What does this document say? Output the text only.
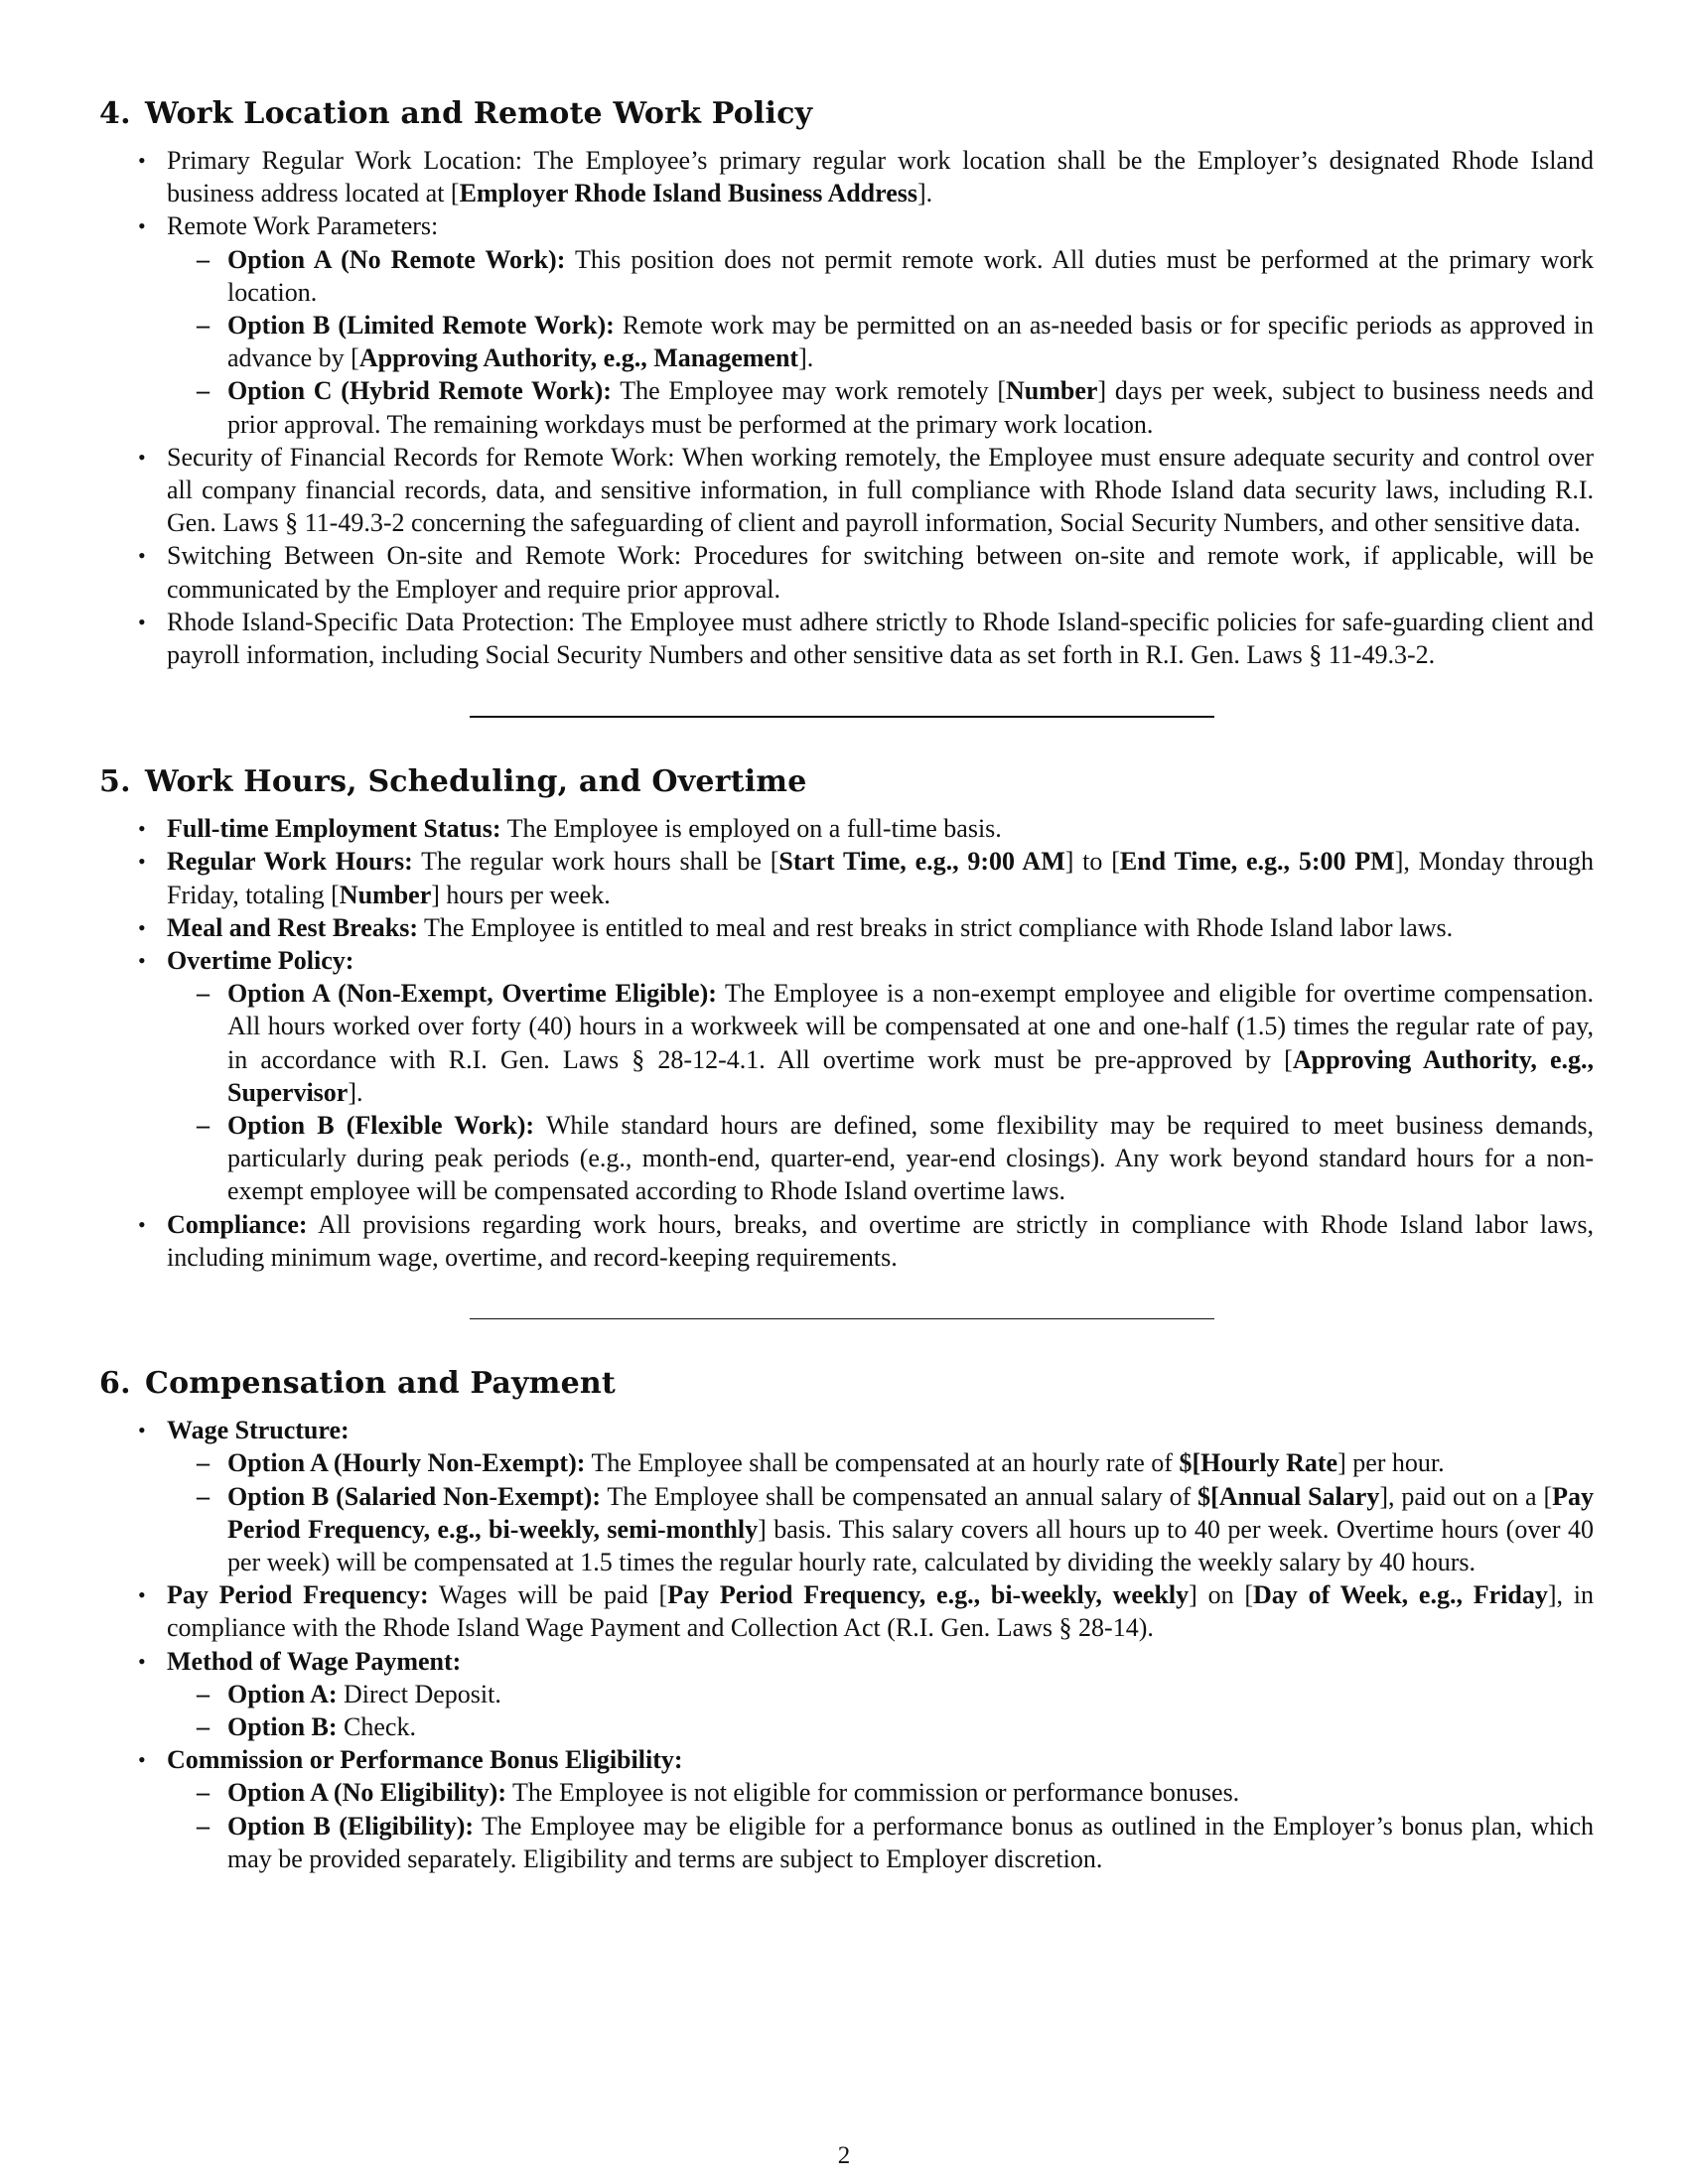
4. Work Location and Remote Work Policy
• Primary Regular Work Location: The Employee’s primary regular work location shall be the Employer’s designated Rhode Island business address located at [Employer Rhode Island Business Address].
• Remote Work Parameters:
– Option A (No Remote Work): This position does not permit remote work. All duties must be performed at the primary work location.
– Option B (Limited Remote Work): Remote work may be permitted on an as-needed basis or for specific periods as approved in advance by [Approving Authority, e.g., Management].
– Option C (Hybrid Remote Work): The Employee may work remotely [Number] days per week, subject to business needs and prior approval. The remaining workdays must be performed at the primary work location.
• Security of Financial Records for Remote Work: When working remotely, the Employee must ensure adequate security and control over all company financial records, data, and sensitive information, in full compliance with Rhode Island data security laws, including R.I. Gen. Laws § 11-49.3-2 concerning the safeguarding of client and payroll information, Social Security Numbers, and other sensitive data.
• Switching Between On-site and Remote Work: Procedures for switching between on-site and remote work, if applicable, will be communicated by the Employer and require prior approval.
• Rhode Island-Specific Data Protection: The Employee must adhere strictly to Rhode Island-specific policies for safe-guarding client and payroll information, including Social Security Numbers and other sensitive data as set forth in R.I. Gen. Laws § 11-49.3-2.
5. Work Hours, Scheduling, and Overtime
• Full-time Employment Status: The Employee is employed on a full-time basis.
• Regular Work Hours: The regular work hours shall be [Start Time, e.g., 9:00 AM] to [End Time, e.g., 5:00 PM], Monday through Friday, totaling [Number] hours per week.
• Meal and Rest Breaks: The Employee is entitled to meal and rest breaks in strict compliance with Rhode Island labor laws.
• Overtime Policy:
– Option A (Non-Exempt, Overtime Eligible): The Employee is a non-exempt employee and eligible for overtime compensation. All hours worked over forty (40) hours in a workweek will be compensated at one and one-half (1.5) times the regular rate of pay, in accordance with R.I. Gen. Laws § 28-12-4.1. All overtime work must be pre-approved by [Approving Authority, e.g., Supervisor].
– Option B (Flexible Work): While standard hours are defined, some flexibility may be required to meet business demands, particularly during peak periods (e.g., month-end, quarter-end, year-end closings). Any work beyond standard hours for a non-exempt employee will be compensated according to Rhode Island overtime laws.
• Compliance: All provisions regarding work hours, breaks, and overtime are strictly in compliance with Rhode Island labor laws, including minimum wage, overtime, and record-keeping requirements.
6. Compensation and Payment
• Wage Structure:
– Option A (Hourly Non-Exempt): The Employee shall be compensated at an hourly rate of $[Hourly Rate] per hour.
– Option B (Salaried Non-Exempt): The Employee shall be compensated an annual salary of $[Annual Salary], paid out on a [Pay Period Frequency, e.g., bi-weekly, semi-monthly] basis. This salary covers all hours up to 40 per week. Overtime hours (over 40 per week) will be compensated at 1.5 times the regular hourly rate, calculated by dividing the weekly salary by 40 hours.
• Pay Period Frequency: Wages will be paid [Pay Period Frequency, e.g., bi-weekly, weekly] on [Day of Week, e.g., Friday], in compliance with the Rhode Island Wage Payment and Collection Act (R.I. Gen. Laws § 28-14).
• Method of Wage Payment:
– Option A: Direct Deposit.
– Option B: Check.
• Commission or Performance Bonus Eligibility:
– Option A (No Eligibility): The Employee is not eligible for commission or performance bonuses.
– Option B (Eligibility): The Employee may be eligible for a performance bonus as outlined in the Employer’s bonus plan, which may be provided separately. Eligibility and terms are subject to Employer discretion.
2
